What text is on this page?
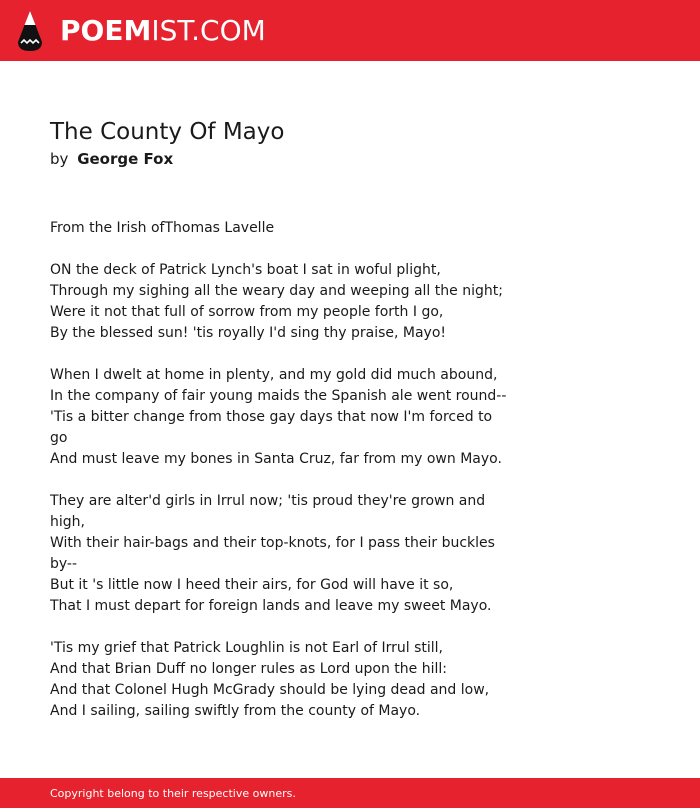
POEMIST.COM
The County Of Mayo
by George Fox

From the Irish ofThomas Lavelle

ON the deck of Patrick Lynch's boat I sat in woful plight,
Through my sighing all the weary day and weeping all the night;
Were it not that full of sorrow from my people forth I go,
By the blessed sun! 'tis royally I'd sing thy praise, Mayo!

When I dwelt at home in plenty, and my gold did much abound,
In the company of fair young maids the Spanish ale went round--
'Tis a bitter change from those gay days that now I'm forced to go
And must leave my bones in Santa Cruz, far from my own Mayo.

They are alter'd girls in Irrul now; 'tis proud they're grown and high,
With their hair-bags and their top-knots, for I pass their buckles by--
But it 's little now I heed their airs, for God will have it so,
That I must depart for foreign lands and leave my sweet Mayo.

'Tis my grief that Patrick Loughlin is not Earl of Irrul still,
And that Brian Duff no longer rules as Lord upon the hill:
And that Colonel Hugh McGrady should be lying dead and low,
And I sailing, sailing swiftly from the county of Mayo.

Copyright belong to their respective owners.
